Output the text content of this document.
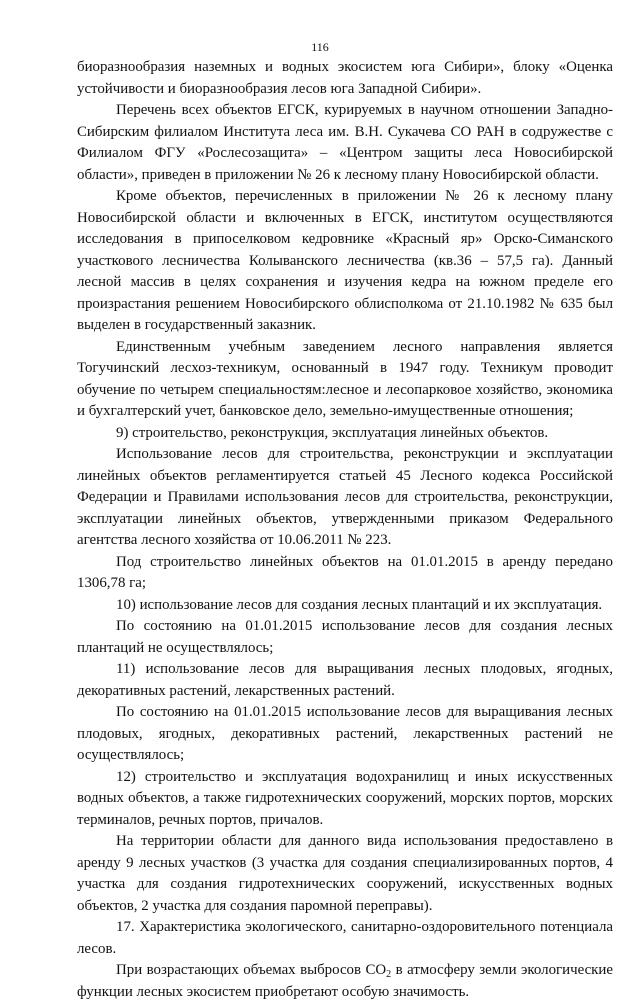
116

биоразнообразия наземных и водных экосистем юга Сибири», блоку «Оценка устойчивости и биоразнообразия лесов юга Западной Сибири».

Перечень всех объектов ЕГСК, курируемых в научном отношении Западно-Сибирским филиалом Института леса им. В.Н. Сукачева СО РАН в содружестве с Филиалом ФГУ «Рослесозащита» – «Центром защиты леса Новосибирской области», приведен в приложении № 26 к лесному плану Новосибирской области.

Кроме объектов, перечисленных в приложении № 26 к лесному плану Новосибирской области и включенных в ЕГСК, институтом осуществляются исследования в припоселковом кедровнике «Красный яр» Орско-Симанского участкового лесничества Колыванского лесничества (кв.36 – 57,5 га). Данный лесной массив в целях сохранения и изучения кедра на южном пределе его произрастания решением Новосибирского облисполкома от 21.10.1982 № 635 был выделен в государственный заказник.

Единственным учебным заведением лесного направления является Тогучинский лесхоз-техникум, основанный в 1947 году. Техникум проводит обучение по четырем специальностям:лесное и лесопарковое хозяйство, экономика и бухгалтерский учет, банковское дело, земельно-имущественные отношения;

9) строительство, реконструкция, эксплуатация линейных объектов.

Использование лесов для строительства, реконструкции и эксплуатации линейных объектов регламентируется статьей 45 Лесного кодекса Российской Федерации и Правилами использования лесов для строительства, реконструкции, эксплуатации линейных объектов, утвержденными приказом Федерального агентства лесного хозяйства от 10.06.2011 № 223.

Под строительство линейных объектов на 01.01.2015 в аренду передано 1306,78 га;

10) использование лесов для создания лесных плантаций и их эксплуатация.

По состоянию на 01.01.2015 использование лесов для создания лесных плантаций не осуществлялось;

11) использование лесов для выращивания лесных плодовых, ягодных, декоративных растений, лекарственных растений.

По состоянию на 01.01.2015 использование лесов для выращивания лесных плодовых, ягодных, декоративных растений, лекарственных растений не осуществлялось;

12) строительство и эксплуатация водохранилищ и иных искусственных водных объектов, а также гидротехнических сооружений, морских портов, морских терминалов, речных портов, причалов.

На территории области для данного вида использования предоставлено в аренду 9 лесных участков (3 участка для создания специализированных портов, 4 участка для создания гидротехнических сооружений, искусственных водных объектов, 2 участка для создания паромной переправы).

17. Характеристика экологического, санитарно-оздоровительного потенциала лесов.

При возрастающих объемах выбросов $СО_2$ в атмосферу земли экологические функции лесных экосистем приобретают особую значимость.
